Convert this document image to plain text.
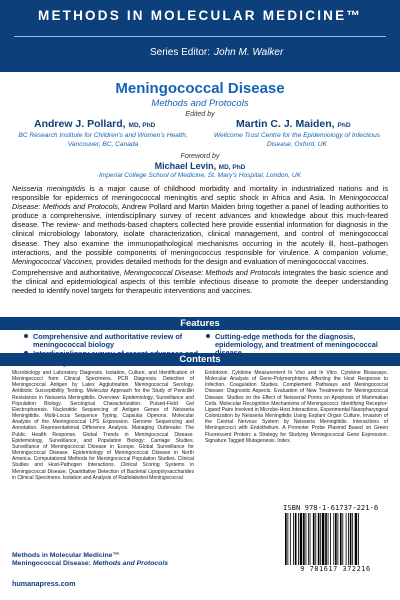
METHODS IN MOLECULAR MEDICINE™
Series Editor: John M. Walker
Meningococcal Disease
Methods and Protocols
Edited by
Andrew J. Pollard, MD, PhD	Martin C. J. Maiden, PhD
BC Research Institute for Children's and Women's Health,
Vancouver, BC, Canada
Wellcome Trust Centre for the Epidemiology of Infectious
Disease, Oxford, UK
Foreword by
Michael Levin, MD, PhD
Imperial College School of Medicine, St. Mary's Hospital, London, UK
Neisseria meningitidis is a major cause of childhood morbidity and mortality in industrialized nations and is responsible for epidemics of meningococcal meningitis and septic shock in Africa and Asia. In Meningococcal Disease: Methods and Protocols, Andrew Pollard and Martin Maiden bring together a panel of leading authorities to produce a comprehensive, interdisciplinary survey of recent advances and knowledge about this much-feared disease. The review- and methods-based chapters collected here provide essential information for diagnosis in the clinical microbiology laboratory, isolate characterization, clinical management, and control of meningococcal disease. They also examine the immunopathological mechanisms occurring in the acutely ill, host–pathogen interactions, and the possible components of meningococcus responsible for virulence. A companion volume, Meningococcal Vaccines, provides detailed methods for the design and evaluation of meningococcal vaccines.
Comprehensive and authoritative, Meningococcal Disease: Methods and Protocols integrates the basic science and the clinical and epidemiological aspects of this terrible infectious disease to promote the deeper understanding needed to identify novel targets for therapeutic interventions and vaccines.
Features
Comprehensive and authoritative review of meningococcal biology
Cutting-edge methods for the diagnosis, epidemiology, and treatment of meningococcal
Contents
Microbiology and Laboratory Diagnosis. Isolation, Culture, and Identification of Meningococci from Clinical Specimens. PCR Diagnosis. Detection of Meningococcal Antigen by Latex Agglutination. Meningococcal Serology. Antibiotic Susceptibility Testing. Molecular Approach for the Study of Penicillin Resistance in Neisseria Meningitidis. Overview: Epidemiology, Surveillance and Population Biology. Serological Characterization. Pulsed-Field Gel Electrophoresis. Nucleotide Sequencing of Antigen Genes of Neisseria Meningitidis. Multi-Locus Sequence Typing. Capsular Operons. Molecular Analysis of the Meningococcal LPS Expression. Genome Sequencing and Annotation. Representational Difference Analysis. Managing Outbreaks: The Public Health Response. Global Trends in Meningococcal Disease. Epidemiology, Surveillance, and Population Biology: Carriage Studies. Surveillance of Meningococcal Disease in Europe. Global Surveillance for Meningococcal Disease. Epidemiology of Meningococcal Disease in North America. Computational Methods for Meningococcal Population Studies. Clinical Studies and Host-Pathogen Interactions. Clinical Scoring Systems in Meningococcal Disease. Quantitative Detection of Bacterial Lipopolysaccharides in Clinical Specimens. Isolation and Analysis of Radiolabeled Meningococcal
Endotoxin. Cytokine Measurement In Vivo and In Vitro. Cytokine Bioassays. Molecular Analysis of Gene-Polymorphisms Affecting the Host Response to Infection. Coagulation Studies. Complement Pathways and Meningococcal Disease: Diagnostic Aspects. Evaluation of New Treatments for Meningococcal Disease. Studies on the Effect of Neisserial Porins on Apoptosis of Mammalian Cells. Molecular Recognition Mechanisms of Meningococci: Identifying Receptor-Ligand Pairs Involved in Microbe-Host Interactions. Experimental Nasopharyngeal Colonization by Neisseria Meningitidis Using Explant Organ Culture. Invasion of the Central Nervous System by Neisseria Meningitidis. Interactions of Meningococci with Endothelium. A Promoter Probe Plasmid Based on Green Fluorescent Protein: a Strategy for Studying Meningococcal Gene Expression. Signature Tagged Mutagenesis. Index.
ISBN 978-1-61737-221-6
9 781617 372216
Methods in Molecular Medicine™
Meningococcal Disease: Methods and Protocols
humanapress.com
